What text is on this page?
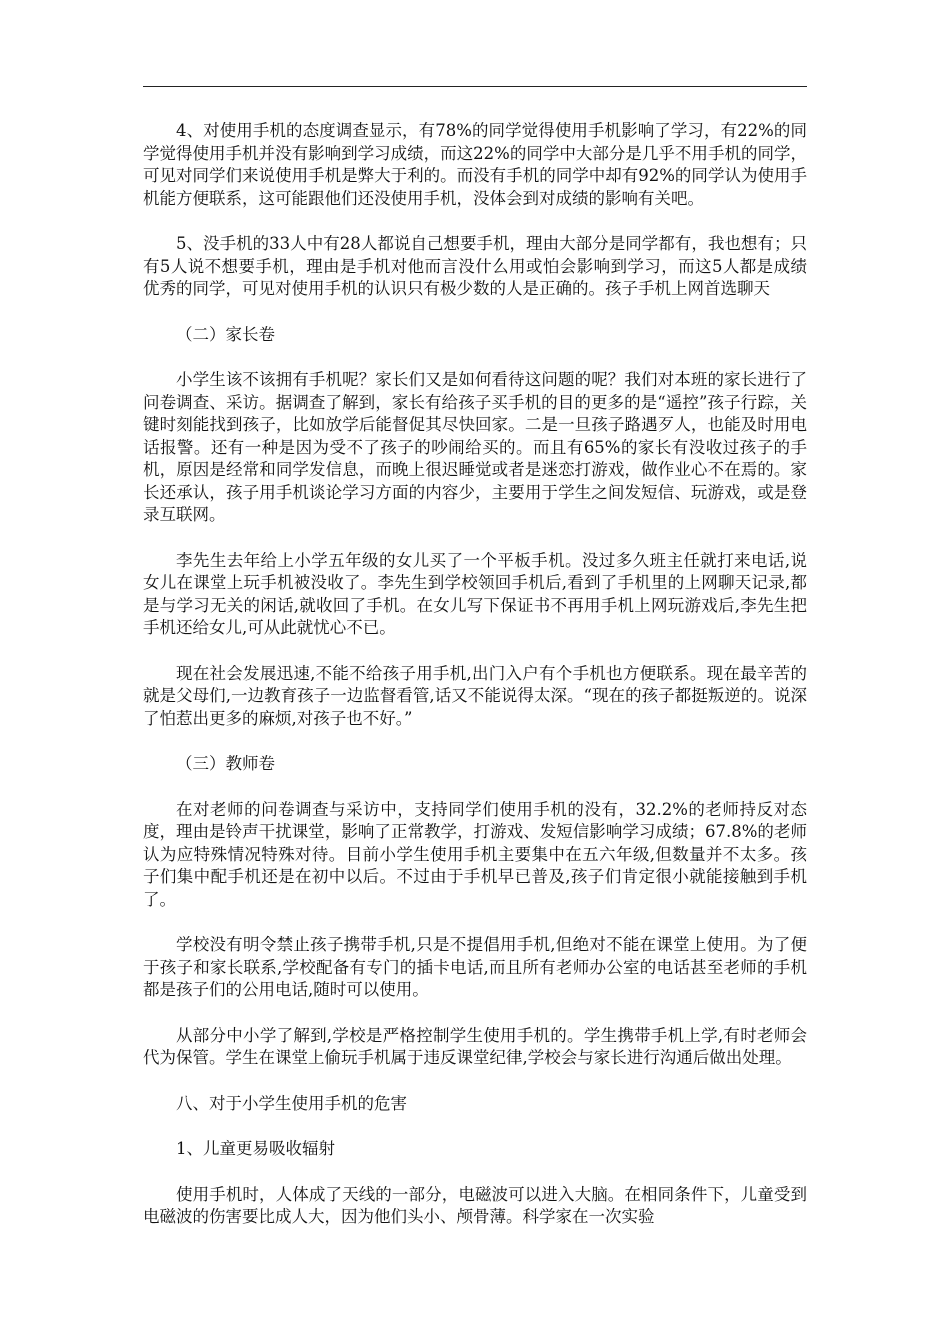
4、对使用手机的态度调查显示，有78%的同学觉得使用手机影响了学习，有22%的同学觉得使用手机并没有影响到学习成绩，而这22%的同学中大部分是几乎不用手机的同学，可见对同学们来说使用手机是弊大于利的。而没有手机的同学中却有92%的同学认为使用手机能方便联系，这可能跟他们还没使用手机，没体会到对成绩的影响有关吧。

5、没手机的33人中有28人都说自己想要手机，理由大部分是同学都有，我也想有；只有5人说不想要手机，理由是手机对他而言没什么用或怕会影响到学习，而这5人都是成绩优秀的同学，可见对使用手机的认识只有极少数的人是正确的。孩子手机上网首选聊天

（二）家长卷

小学生该不该拥有手机呢？家长们又是如何看待这问题的呢？我们对本班的家长进行了问卷调查、采访。据调查了解到，家长有给孩子买手机的目的更多的是“遥控”孩子行踪，关键时刻能找到孩子，比如放学后能督促其尽快回家。二是一旦孩子路遇歹人，也能及时用电话报警。还有一种是因为受不了孩子的吵闹给买的。而且有65%的家长有没收过孩子的手机，原因是经常和同学发信息，而晚上很迟睡觉或者是迷恋打游戏，做作业心不在焉的。家长还承认，孩子用手机谈论学习方面的内容少，主要用于学生之间发短信、玩游戏，或是登录互联网。

李先生去年给上小学五年级的女儿买了一个平板手机。没过多久班主任就打来电话,说女儿在课堂上玩手机被没收了。李先生到学校领回手机后,看到了手机里的上网聊天记录,都是与学习无关的闲话,就收回了手机。在女儿写下保证书不再用手机上网玩游戏后,李先生把手机还给女儿,可从此就忧心不已。

现在社会发展迅速,不能不给孩子用手机,出门入户有个手机也方便联系。现在最辛苦的就是父母们,一边教育孩子一边监督看管,话又不能说得太深。“现在的孩子都挺叛逆的。说深了怕惹出更多的麻烦,对孩子也不好。”

（三）教师卷

在对老师的问卷调查与采访中，支持同学们使用手机的没有，32.2%的老师持反对态度，理由是铃声干扰课堂，影响了正常教学，打游戏、发短信影响学习成绩；67.8%的老师认为应特殊情况特殊对待。目前小学生使用手机主要集中在五六年级,但数量并不太多。孩子们集中配手机还是在初中以后。不过由于手机早已普及,孩子们肯定很小就能接触到手机了。

学校没有明令禁止孩子携带手机,只是不提倡用手机,但绝对不能在课堂上使用。为了便于孩子和家长联系,学校配备有专门的插卡电话,而且所有老师办公室的电话甚至老师的手机都是孩子们的公用电话,随时可以使用。

从部分中小学了解到,学校是严格控制学生使用手机的。学生携带手机上学,有时老师会代为保管。学生在课堂上偷玩手机属于违反课堂纪律,学校会与家长进行沟通后做出处理。

八、对于小学生使用手机的危害

1、儿童更易吸收辐射

使用手机时，人体成了天线的一部分，电磁波可以进入大脑。在相同条件下，儿童受到电磁波的伤害要比成人大，因为他们头小、颅骨薄。科学家在一次实验
